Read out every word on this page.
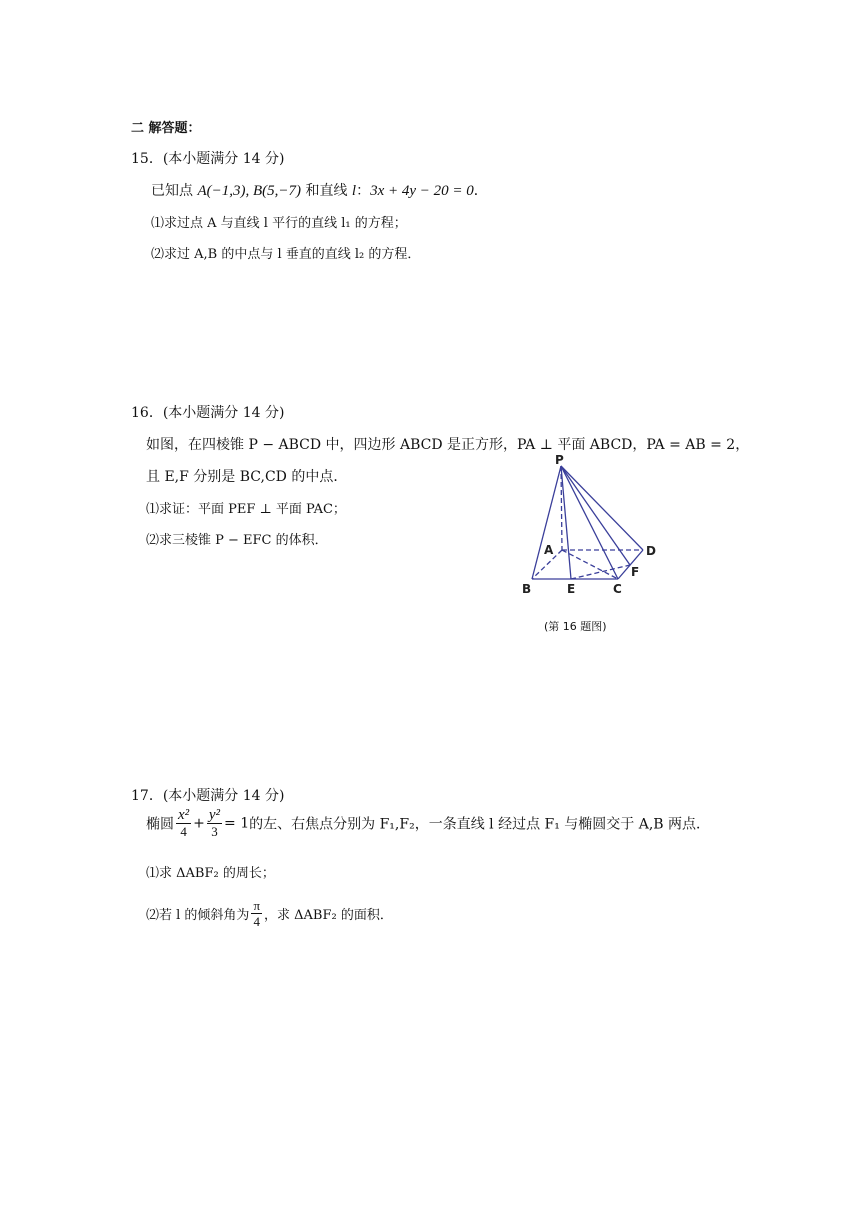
二 解答题：
15．(本小题满分 14 分)
已知点 A(−1,3), B(5,−7) 和直线 l：3x + 4y − 20 = 0．
⑴求过点 A 与直线 l 平行的直线 l₁ 的方程；
⑵求过 A,B 的中点与 l 垂直的直线 l₂ 的方程．
16．(本小题满分 14 分)
如图，在四棱锥 P − ABCD 中，四边形 ABCD 是正方形，PA ⊥ 平面 ABCD，PA = AB = 2，
且 E,F 分别是 BC,CD 的中点．
⑴求证：平面 PEF ⊥ 平面 PAC；
⑵求三棱锥 P − EFC 的体积．
P
A
B	E	C
F
D
(第 16 题图)
17．(本小题满分 14 分)
椭圆 $\frac{\text{x²}}{4} + \frac{\text{y²}}{3} = 1$的左、右焦点分别为 F₁,F₂，一条直线 l 经过点 F₁ 与椭圆交于 A,B 两点．
⑴求 ΔABF₂ 的周长；
⑵若 l 的倾斜角为 $\frac{\pi}{4}$ ，求 ΔABF₂ 的面积．
